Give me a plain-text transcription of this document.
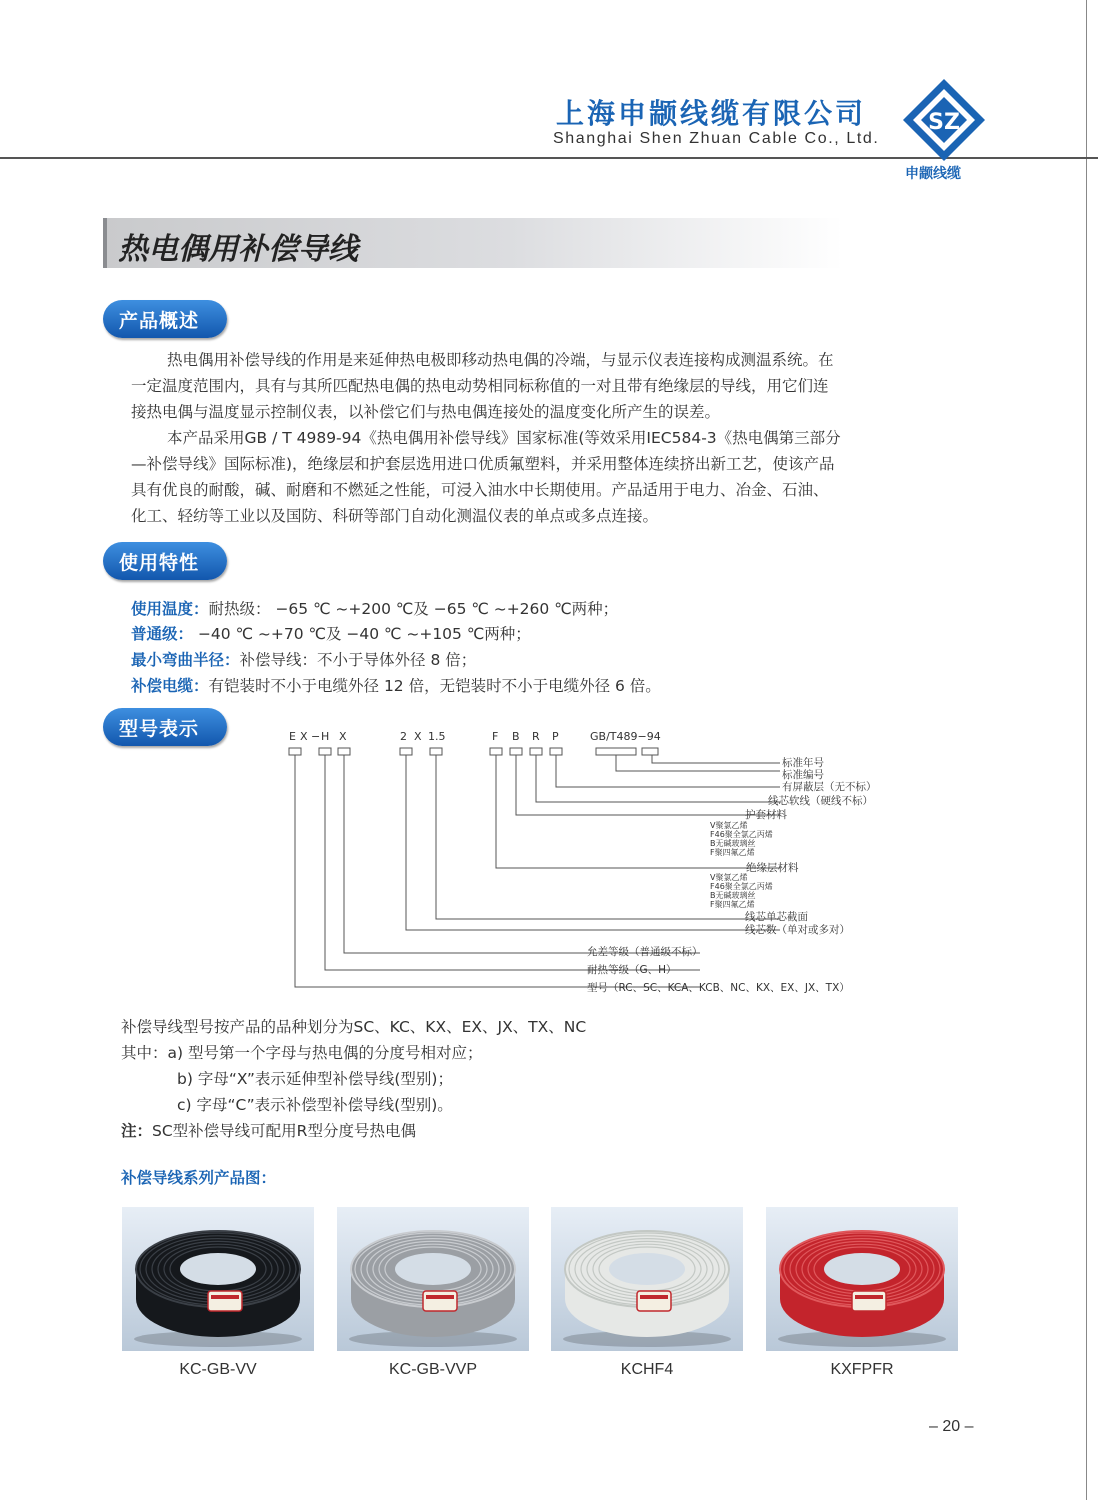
上海申颛线缆有限公司
Shanghai Shen Zhuan Cable Co., Ltd.
SZ
申颛线缆
热电偶用补偿导线
产品概述
热电偶用补偿导线的作用是来延伸热电极即移动热电偶的冷端，与显示仪表连接构成测温系统。在
一定温度范围内，具有与其所匹配热电偶的热电动势相同标称值的一对且带有绝缘层的导线，用它们连
接热电偶与温度显示控制仪表，以补偿它们与热电偶连接处的温度变化所产生的误差。
本产品采用GB / T 4989-94《热电偶用补偿导线》国家标准(等效采用IEC584-3《热电偶第三部分
—补偿导线》国际标准)，绝缘层和护套层选用进口优质氟塑料，并采用整体连续挤出新工艺，使该产品
具有优良的耐酸，碱、耐磨和不燃延之性能，可浸入油水中长期使用。产品适用于电力、冶金、石油、
化工、轻纺等工业以及国防、科研等部门自动化测温仪表的单点或多点连接。
使用特性
使用温度：耐热级： −65 ℃ ~+200 ℃及 −65 ℃ ~+260 ℃两种；
普通级： −40 ℃ ~+70 ℃及 −40 ℃ ~+105 ℃两种；
最小弯曲半径：补偿导线：不小于导体外径 8 倍；
补偿电缆：有铠装时不小于电缆外径 12 倍，无铠装时不小于电缆外径 6 倍。
型号表示	E X − H X	2 X 1.5	F B R P	GB/T489−94
标准年号
标准编号
有屏蔽层（无不标）
线芯软线（硬线不标）
护套材料
绝缘层材料
线芯单芯截面
线芯数（单对或多对）
允差等级（普通级不标）
耐热等级（G、H）
型号（RC、SC、KCA、KCB、NC、KX、EX、JX、TX）
V聚氯乙烯
F46聚全氯乙丙烯
B无碱玻璃丝
F聚四氟乙烯
V聚氯乙烯
F46聚全氯乙丙烯
B无碱玻璃丝
F聚四氟乙烯
补偿导线型号按产品的品种划分为SC、KC、KX、EX、JX、TX、NC
其中：a) 型号第一个字母与热电偶的分度号相对应；
b) 字母“X”表示延伸型补偿导线(型别)；
c) 字母“C”表示补偿型补偿导线(型别)。
注：SC型补偿导线可配用R型分度号热电偶
补偿导线系列产品图：
KC-GB-VV	KC-GB-VVP	KCHF4	KXFPFR
– 20 –
